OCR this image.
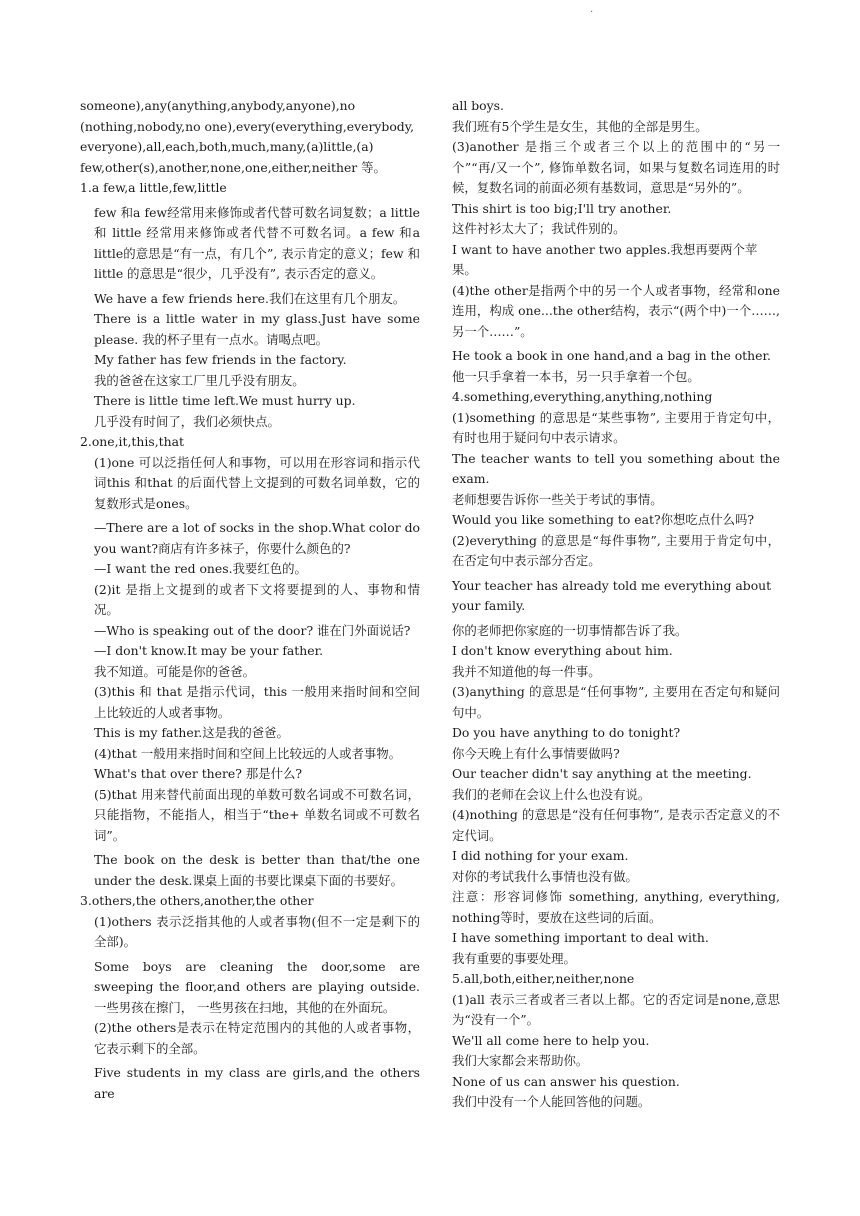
.

someone),any(anything,anybody,anyone),no

(nothing,nobody,no one),every(everything,everybody,

everyone),all,each,both,much,many,(a)little,(a)

few,other(s),another,none,one,either,neither 等。

1.a few,a little,few,little

few 和a few经常用来修饰或者代替可数名词复数；a little 和 little 经常用来修饰或者代替不可数名词。a few 和a little的意思是“有一点，有几个”, 表示肯定的意义；few 和 little 的意思是“很少，几乎没有”, 表示否定的意义。

We have a few friends here.我们在这里有几个朋友。

There is a little water in my glass.Just have some please. 我的杯子里有一点水。请喝点吧。

My father has few friends in the factory.

我的爸爸在这家工厂里几乎没有朋友。

There is little time left.We must hurry up.

几乎没有时间了，我们必须快点。

2.one,it,this,that

(1)one 可以泛指任何人和事物，可以用在形容词和指示代词this 和that 的后面代替上文提到的可数名词单数，它的复数形式是ones。

—There are a lot of socks in the shop.What color do you want?商店有许多袜子，你要什么颜色的?

—I want the red ones.我要红色的。

(2)it 是指上文提到的或者下文将要提到的人、事物和情况。

—Who is speaking out of the door? 谁在门外面说话?

—I don't know.It may be your father.

我不知道。可能是你的爸爸。

(3)this 和 that 是指示代词，this 一般用来指时间和空间上比较近的人或者事物。

This is my father.这是我的爸爸。

(4)that 一般用来指时间和空间上比较远的人或者事物。

What's that over there? 那是什么?

(5)that 用来替代前面出现的单数可数名词或不可数名词，只能指物，不能指人，相当于“the+ 单数名词或不可数名词”。

The book on the desk is better than that/the one under the desk.课桌上面的书要比课桌下面的书要好。

3.others,the others,another,the other

(1)others 表示泛指其他的人或者事物(但不一定是剩下的全部)。

Some boys are cleaning the door,some are sweeping the floor,and others are playing outside.一些男孩在擦门， 一些男孩在扫地，其他的在外面玩。

(2)the others是表示在特定范围内的其他的人或者事物，它表示剩下的全部。

Five students in my class are girls,and the others are

all boys.

我们班有5个学生是女生，其他的全部是男生。

(3)another 是指三个或者三个以上的范围中的“另一个”“再/又一个”, 修饰单数名词，如果与复数名词连用的时候，复数名词的前面必须有基数词，意思是“另外的”。

This shirt is too big;I'll try another.

这件衬衫太大了；我试件别的。

I want to have another two apples.我想再要两个苹果。

(4)the other是指两个中的另一个人或者事物，经常和one连用，构成 one...the other结构，表示“(两个中)一个……, 另一个……”。

He took a book in one hand,and a bag in the other.

他一只手拿着一本书，另一只手拿着一个包。

4.something,everything,anything,nothing

(1)something 的意思是“某些事物”, 主要用于肯定句中，有时也用于疑问句中表示请求。

The teacher wants to tell you something about the exam.

老师想要告诉你一些关于考试的事情。

Would you like something to eat?你想吃点什么吗?

(2)everything 的意思是“每件事物”, 主要用于肯定句中，在否定句中表示部分否定。

Your teacher has already told me everything about your family.

你的老师把你家庭的一切事情都告诉了我。

I don't know everything about him.

我并不知道他的每一件事。

(3)anything 的意思是“任何事物”, 主要用在否定句和疑问句中。

Do you have anything to do tonight?

你今天晚上有什么事情要做吗?

Our teacher didn't say anything at the meeting.

我们的老师在会议上什么也没有说。

(4)nothing 的意思是“没有任何事物”, 是表示否定意义的不定代词。

I did nothing for your exam.

对你的考试我什么事情也没有做。

注意：形容词修饰 something, anything, everything, nothing等时，要放在这些词的后面。

I have something important to deal with.

我有重要的事要处理。

5.all,both,either,neither,none

(1)all 表示三者或者三者以上都。它的否定词是none,意思为“没有一个”。

We'll all come here to help you.

我们大家都会来帮助你。

None of us can answer his question.

我们中没有一个人能回答他的问题。
